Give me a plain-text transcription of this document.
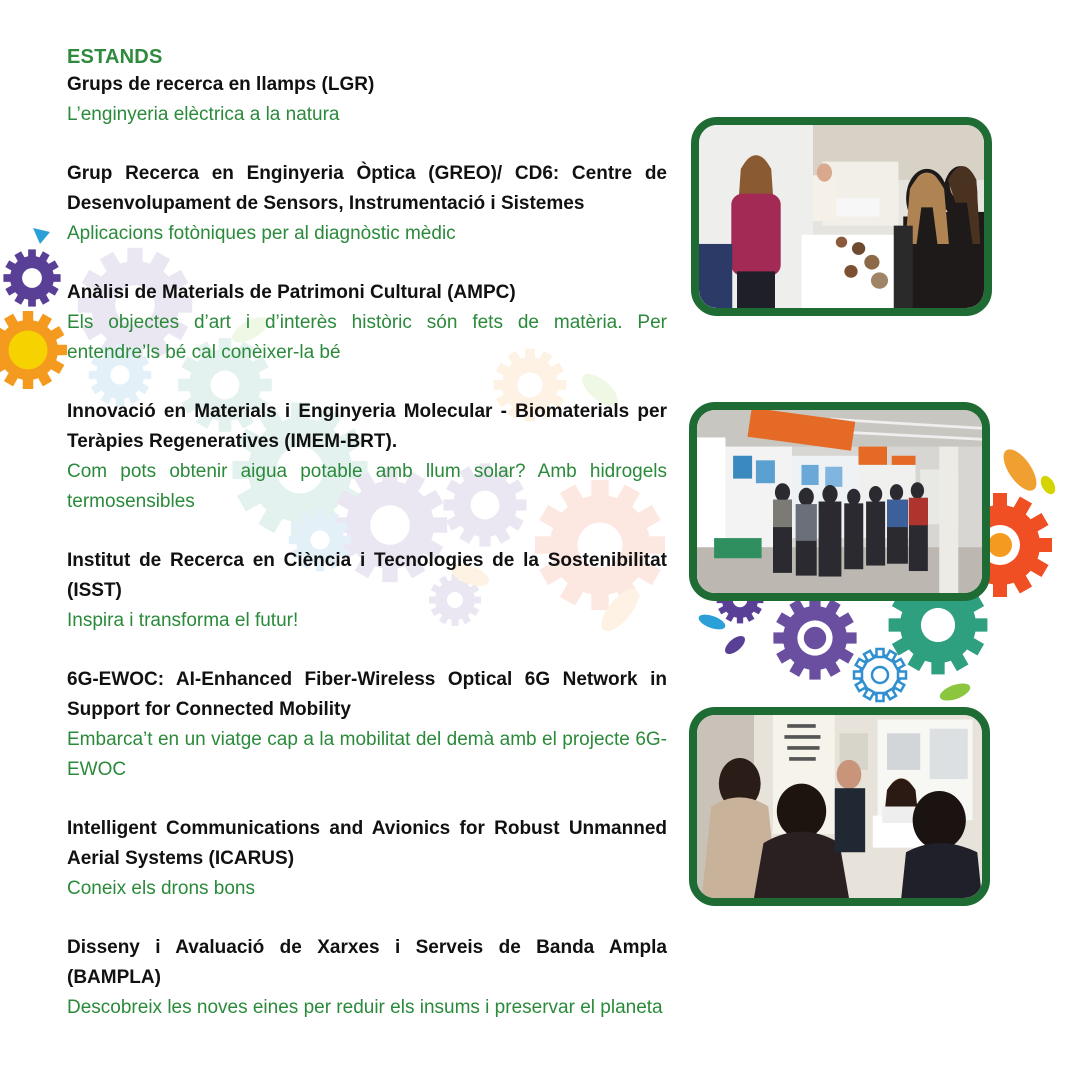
ESTANDS

Grups de recerca en llamps (LGR)

L’enginyeria elèctrica a la natura

Grup Recerca en Enginyeria Òptica (GREO)/ CD6: Centre de Desenvolupament de Sensors, Instrumentació i Sistemes

Aplicacions fotòniques per al diagnòstic mèdic

Anàlisi de Materials de Patrimoni Cultural (AMPC)

Els objectes d’art i d’interès històric són fets de matèria. Per entendre’ls bé cal conèixer-la bé

Innovació en Materials i Enginyeria Molecular - Biomaterials per Teràpies Regeneratives (IMEM-BRT).

Com pots obtenir aigua potable amb llum solar? Amb hidrogels termosensibles

Institut de Recerca en Ciència i Tecnologies de la Sostenibilitat (ISST)

Inspira i transforma el futur!

6G-EWOC: AI-Enhanced Fiber-Wireless Optical 6G Network in Support for Connected Mobility

Embarca’t en un viatge cap a la mobilitat del demà amb el projecte 6G-EWOC

Intelligent Communications and Avionics for Robust Unmanned Aerial Systems (ICARUS)

Coneix els drons bons

Disseny i Avaluació de Xarxes i Serveis de Banda Ampla (BAMPLA)

Descobreix les noves eines per reduir els insums i preservar el planeta
